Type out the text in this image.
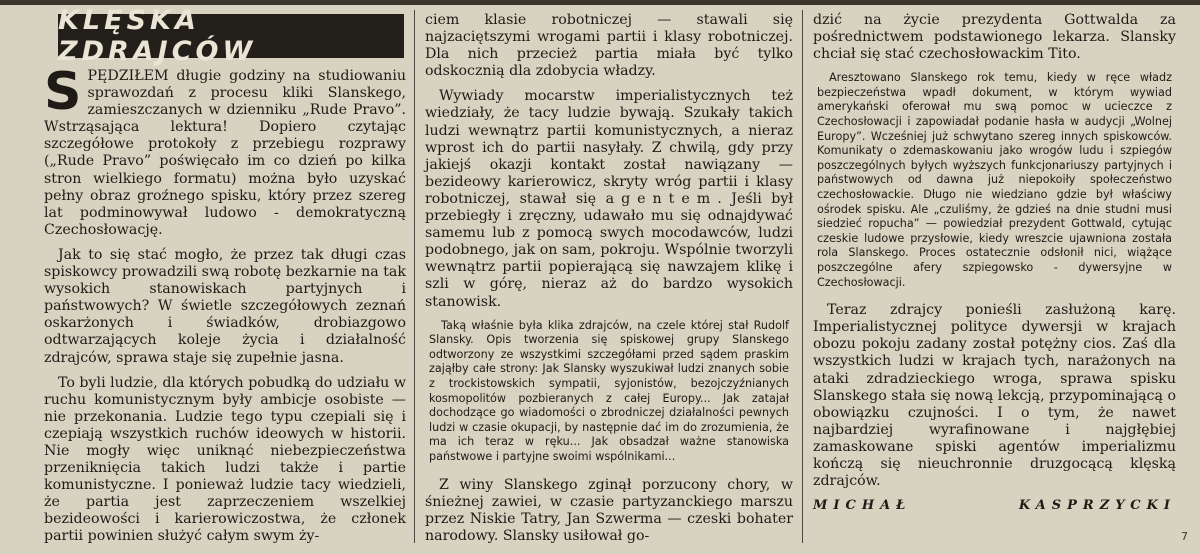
KLĘSKA ZDRAJCÓW

SPĘDZIŁEM długie godziny na studiowaniu sprawozdań z procesu kliki Slanskego, zamieszczanych w dzienniku „Rude Pravo”. Wstrząsająca lektura! Dopiero czytając szczegółowe protokoły z przebiegu rozprawy („Rude Pravo” poświęcało im co dzień po kilka stron wielkiego formatu) można było uzyskać pełny obraz groźnego spisku, który przez szereg lat podminowywał ludowo - demokratyczną Czechosłowację.

Jak to się stać mogło, że przez tak długi czas spiskowcy prowadzili swą robotę bezkarnie na tak wysokich stanowiskach partyjnych i państwowych? W świetle szczegółowych zeznań oskarżonych i świadków, drobiazgowo odtwarzających koleje życia i działalność zdrajców, sprawa staje się zupełnie jasna.

To byli ludzie, dla których pobudką do udziału w ruchu komunistycznym były ambicje osobiste — nie przekonania. Ludzie tego typu czepiali się i czepiają wszystkich ruchów ideowych w historii. Nie mogły więc uniknąć niebezpieczeństwa przeniknięcia takich ludzi także i partie komunistyczne. I ponieważ ludzie tacy wiedzieli, że partia jest zaprzeczeniem wszelkiej bezideowości i karierowiczostwa, że członek partii powinien służyć całym swym ży-

ciem klasie robotniczej — stawali się najzaciętszymi wrogami partii i klasy robotniczej. Dla nich przecież partia miała być tylko odskocznią dla zdobycia władzy.

Wywiady mocarstw imperialistycznych też wiedziały, że tacy ludzie bywają. Szukały takich ludzi wewnątrz partii komunistycznych, a nieraz wprost ich do partii nasyłały. Z chwilą, gdy przy jakiejś okazji kontakt został nawiązany — bezideowy karierowicz, skryty wróg partii i klasy robotniczej, stawał się agentem. Jeśli był przebiegły i zręczny, udawało mu się odnajdywać samemu lub z pomocą swych mocodawców, ludzi podobnego, jak on sam, pokroju. Wspólnie tworzyli wewnątrz partii popierającą się nawzajem klikę i szli w górę, nieraz aż do bardzo wysokich stanowisk.

Taką właśnie była klika zdrajców, na czele której stał Rudolf Slansky. Opis tworzenia się spiskowej grupy Slanskego odtworzony ze wszystkimi szczegółami przed sądem praskim zająłby całe strony: Jak Slansky wyszukiwał ludzi znanych sobie z trockistowskich sympatii, syjonistów, bezojczyźnianych kosmopolitów pozbieranych z całej Europy... Jak zatajał dochodzące go wiadomości o zbrodniczej działalności pewnych ludzi w czasie okupacji, by następnie dać im do zrozumienia, że ma ich teraz w ręku... Jak obsadzał ważne stanowiska państwowe i partyjne swoimi wspólnikami...

Z winy Slanskego zginął porzucony chory, w śnieżnej zawiei, w czasie partyzanckiego marszu przez Niskie Tatry, Jan Szwerma — czeski bohater narodowy. Slansky usiłował go-

dzić na życie prezydenta Gottwalda za pośrednictwem podstawionego lekarza. Slansky chciał się stać czechosłowackim Tito.

Aresztowano Slanskego rok temu, kiedy w ręce władz bezpieczeństwa wpadł dokument, w którym wywiad amerykański oferował mu swą pomoc w ucieczce z Czechosłowacji i zapowiadał podanie hasła w audycji „Wolnej Europy”. Wcześniej już schwytano szereg innych spiskowców. Komunikaty o zdemaskowaniu jako wrogów ludu i szpiegów poszczególnych byłych wyższych funkcjonariuszy partyjnych i państwowych od dawna już niepokoiły społeczeństwo czechosłowackie. Długo nie wiedziano gdzie był właściwy ośrodek spisku. Ale „czuliśmy, że gdzieś na dnie studni musi siedzieć ropucha” — powiedział prezydent Gottwald, cytując czeskie ludowe przysłowie, kiedy wreszcie ujawniona została rola Slanskego. Proces ostatecznie odsłonił nici, wiążące poszczególne afery szpiegowsko - dywersyjne w Czechosłowacji.

Teraz zdrajcy ponieśli zasłużoną karę. Imperialistycznej polityce dywersji w krajach obozu pokoju zadany został potężny cios. Zaś dla wszystkich ludzi w krajach tych, narażonych na ataki zdradzieckiego wroga, sprawa spisku Slanskego stała się nową lekcją, przypominającą o obowiązku czujności. I o tym, że nawet najbardziej wyrafinowane i najgłębiej zamaskowane spiski agentów imperializmu kończą się nieuchronnie druzgocącą klęską zdrajców.

MICHAŁ KASPRZYCKI
7
